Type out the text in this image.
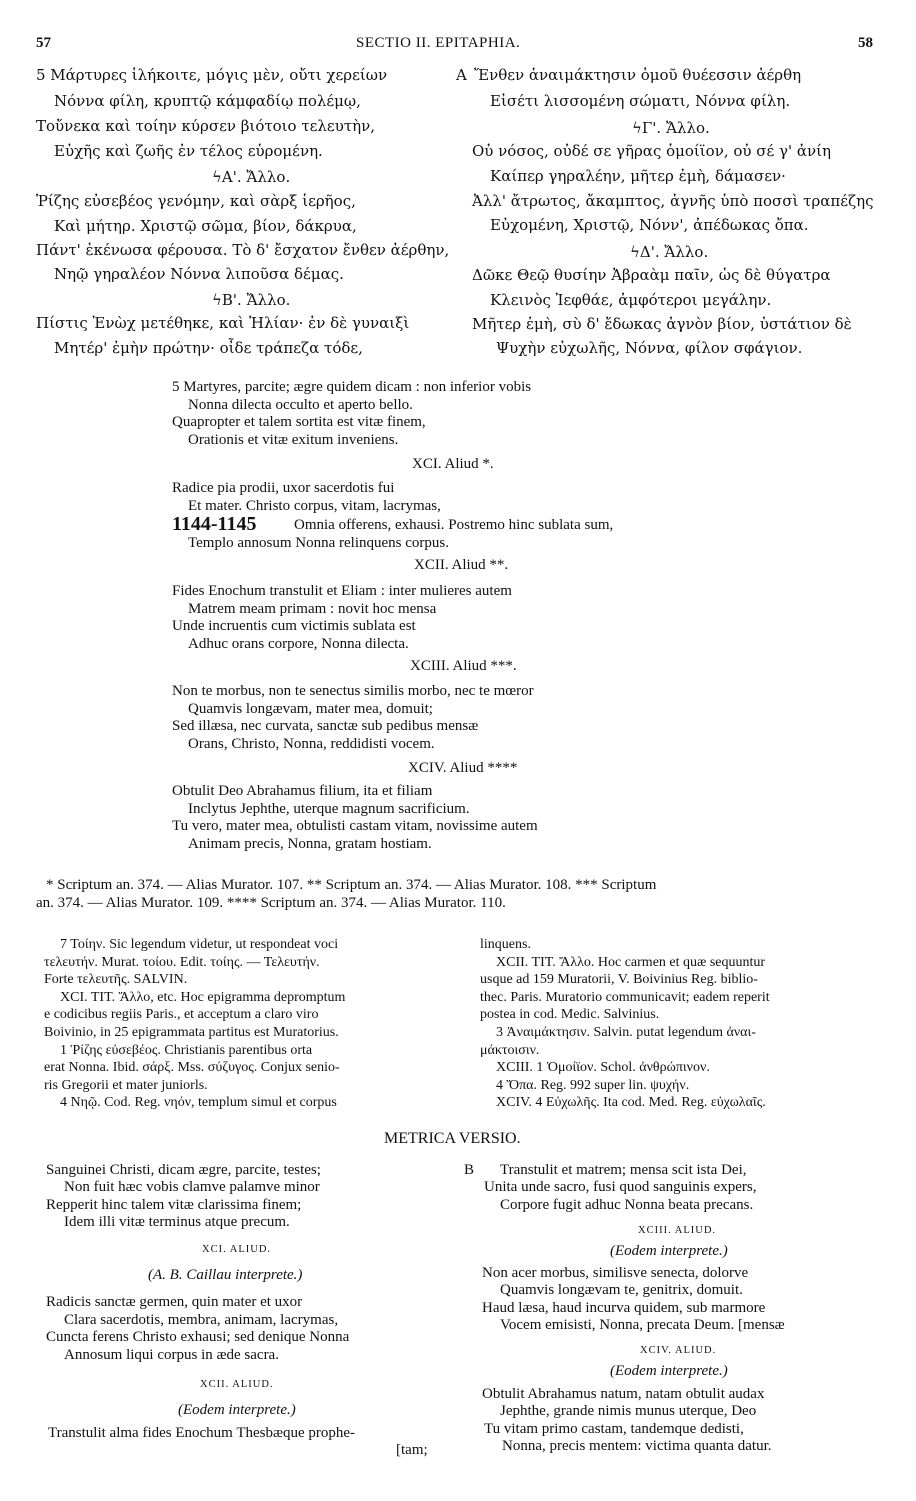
57	SECTIO II. EPITAPHIA.	58
5 Μάρτυρες ἱλήκοιτε, μόγις μὲν, οὔτι χερείων
Νόννα φίλη, κρυπτῷ κάμφαδίῳ πολέμῳ,
Τοὔνεκα καὶ τοίην κύρσεν βιότοιο τελευτὴν,
Εὐχῆς καὶ ζωῆς ἐν τέλος εὑρομένη.
ϟΑ'. Ἄλλο.
Ῥίζης εὐσεβέος γενόμην, καὶ σὰρξ ἱερῆος,
Καὶ μήτηρ. Χριστῷ σῶμα, βίον, δάκρυα,
Πάντ' ἐκένωσα φέρουσα. Τὸ δ' ἔσχατον ἔνθεν ἀέρθην,
Νηῷ γηραλέον Νόννα λιποῦσα δέμας.
ϟΒ'. Ἄλλο.
Πίστις Ἐνὼχ μετέθηκε, καὶ Ἠλίαν· ἐν δὲ γυναιξὶ
Μητέρ' ἐμὴν πρώτην· οἶδε τράπεζα τόδε,
A Ἔνθεν ἀναιμάκτησιν ὁμοῦ θυέεσσιν ἀέρθη
Εἰσέτι λισσομένη σώματι, Νόννα φίλη.
ϟΓ'. Ἄλλο.
Οὐ νόσος, οὐδέ σε γῆρας ὁμοίϊον, οὐ σέ γ' ἀνίη
Καίπερ γηραλέην, μῆτερ ἐμὴ, δάμασεν·
Ἀλλ' ἄτρωτος, ἄκαμπτος, ἁγνῆς ὑπὸ ποσσὶ τραπέζης
Εὐχομένη, Χριστῷ, Νόνν', ἀπέδωκας ὄπα.
ϟΔ'. Ἄλλο.
Δῶκε Θεῷ θυσίην Ἀβραὰμ παῖν, ὡς δὲ θύγατρα
Κλεινὸς Ἰεφθάε, ἀμφότεροι μεγάλην.
Μῆτερ ἐμὴ, σὺ δ' ἔδωκας ἁγνὸν βίον, ὑστάτιον δὲ
Ψυχὴν εὐχωλῆς, Νόννα, φίλον σφάγιον.
5 Martyres, parcite; ægre quidem dicam : non inferior vobis
Nonna dilecta occulto et aperto bello.
Quapropter et talem sortita est vitæ finem,
Orationis et vitæ exitum inveniens.
XCI. Aliud *.
Radice pia prodii, uxor sacerdotis fui
Et mater. Christo corpus, vitam, lacrymas,
1144-1145	Omnia offerens, exhausi. Postremo hinc sublata sum,
Templo annosum Nonna relinquens corpus.
XCII. Aliud **.
Fides Enochum transtulit et Eliam : inter mulieres autem
Matrem meam primam : novit hoc mensa
Unde incruentis cum victimis sublata est
Adhuc orans corpore, Nonna dilecta.
XCIII. Aliud ***.
Non te morbus, non te senectus similis morbo, nec te mœror
Quamvis longævam, mater mea, domuit;
Sed illæsa, nec curvata, sanctæ sub pedibus mensæ
Orans, Christo, Nonna, reddidisti vocem.
XCIV. Aliud ****
Obtulit Deo Abrahamus filium, ita et filiam
Inclytus Jephthe, uterque magnum sacrificium.
Tu vero, mater mea, obtulisti castam vitam, novissime autem
Animam precis, Nonna, gratam hostiam.
* Scriptum an. 374. — Alias Murator. 107. ** Scriptum an. 374. — Alias Murator. 108. *** Scriptum
an. 374. — Alias Murator. 109. **** Scriptum an. 374. — Alias Murator. 110.
7 Τοίην. Sic legendum videtur, ut respondeat voci
τελευτήν. Murat. τοίου. Edit. τοίης. — Τελευτήν.
Forte τελευτῆς. SALVIN.
XCI. TIT. Ἄλλο, etc. Hoc epigramma depromptum
e codicibus regiis Paris., et acceptum a claro viro
Boivinio, in 25 epigrammata partitus est Muratorius.
1 Ῥίζης εὐσεβέος. Christianis parentibus orta
erat Nonna. Ibid. σάρξ. Mss. σύζυγος. Conjux senio-
ris Gregorii et mater juniorls.
4 Νηῷ. Cod. Reg. νηόν, templum simul et corpus
linquens.
XCII. TIT. Ἄλλο. Hoc carmen et quæ sequuntur
usque ad 159 Muratorii, V. Boivinius Reg. biblio-
thec. Paris. Muratorio communicavit; eadem reperit
postea in cod. Medic. Salvinius.
3 Ἀναιμάκτησιν. Salvin. putat legendum ἀναι-
μάκτοισιν.
XCIII. 1 Ὁμοίϊον. Schol. ἀνθρώπινον.
4 Ὄπα. Reg. 992 super lin. ψυχήν.
XCIV. 4 Εὐχωλῆς. Ita cod. Med. Reg. εὐχωλαῖς.
METRICA VERSIO.
Sanguinei Christi, dicam ægre, parcite, testes;
Non fuit hæc vobis clamve palamve minor
Repperit hinc talem vitæ clarissima finem;
Idem illi vitæ terminus atque precum.
XCI. ALIUD.
(A. B. Caillau interprete.)
Radicis sanctæ germen, quin mater et uxor
Clara sacerdotis, membra, animam, lacrymas,
Cuncta ferens Christo exhausi; sed denique Nonna
Annosum liqui corpus in æde sacra.
XCII. ALIUD.
(Eodem interprete.)
Transtulit alma fides Enochum Thesbæque prophe-
[tam;
B Transtulit et matrem; mensa scit ista Dei,
Unita unde sacro, fusi quod sanguinis expers,
Corpore fugit adhuc Nonna beata precans.
XCIII. ALIUD.
(Eodem interprete.)
Non acer morbus, similisve senecta, dolorve
Quamvis longævam te, genitrix, domuit.
Haud læsa, haud incurva quidem, sub marmore
Vocem emisisti, Nonna, precata Deum. [mensæ
XCIV. ALIUD.
(Eodem interprete.)
Obtulit Abrahamus natum, natam obtulit audax
Jephthe, grande nimis munus uterque, Deo
Tu vitam primo castam, tandemque dedisti,
Nonna, precis mentem: victima quanta datur.
